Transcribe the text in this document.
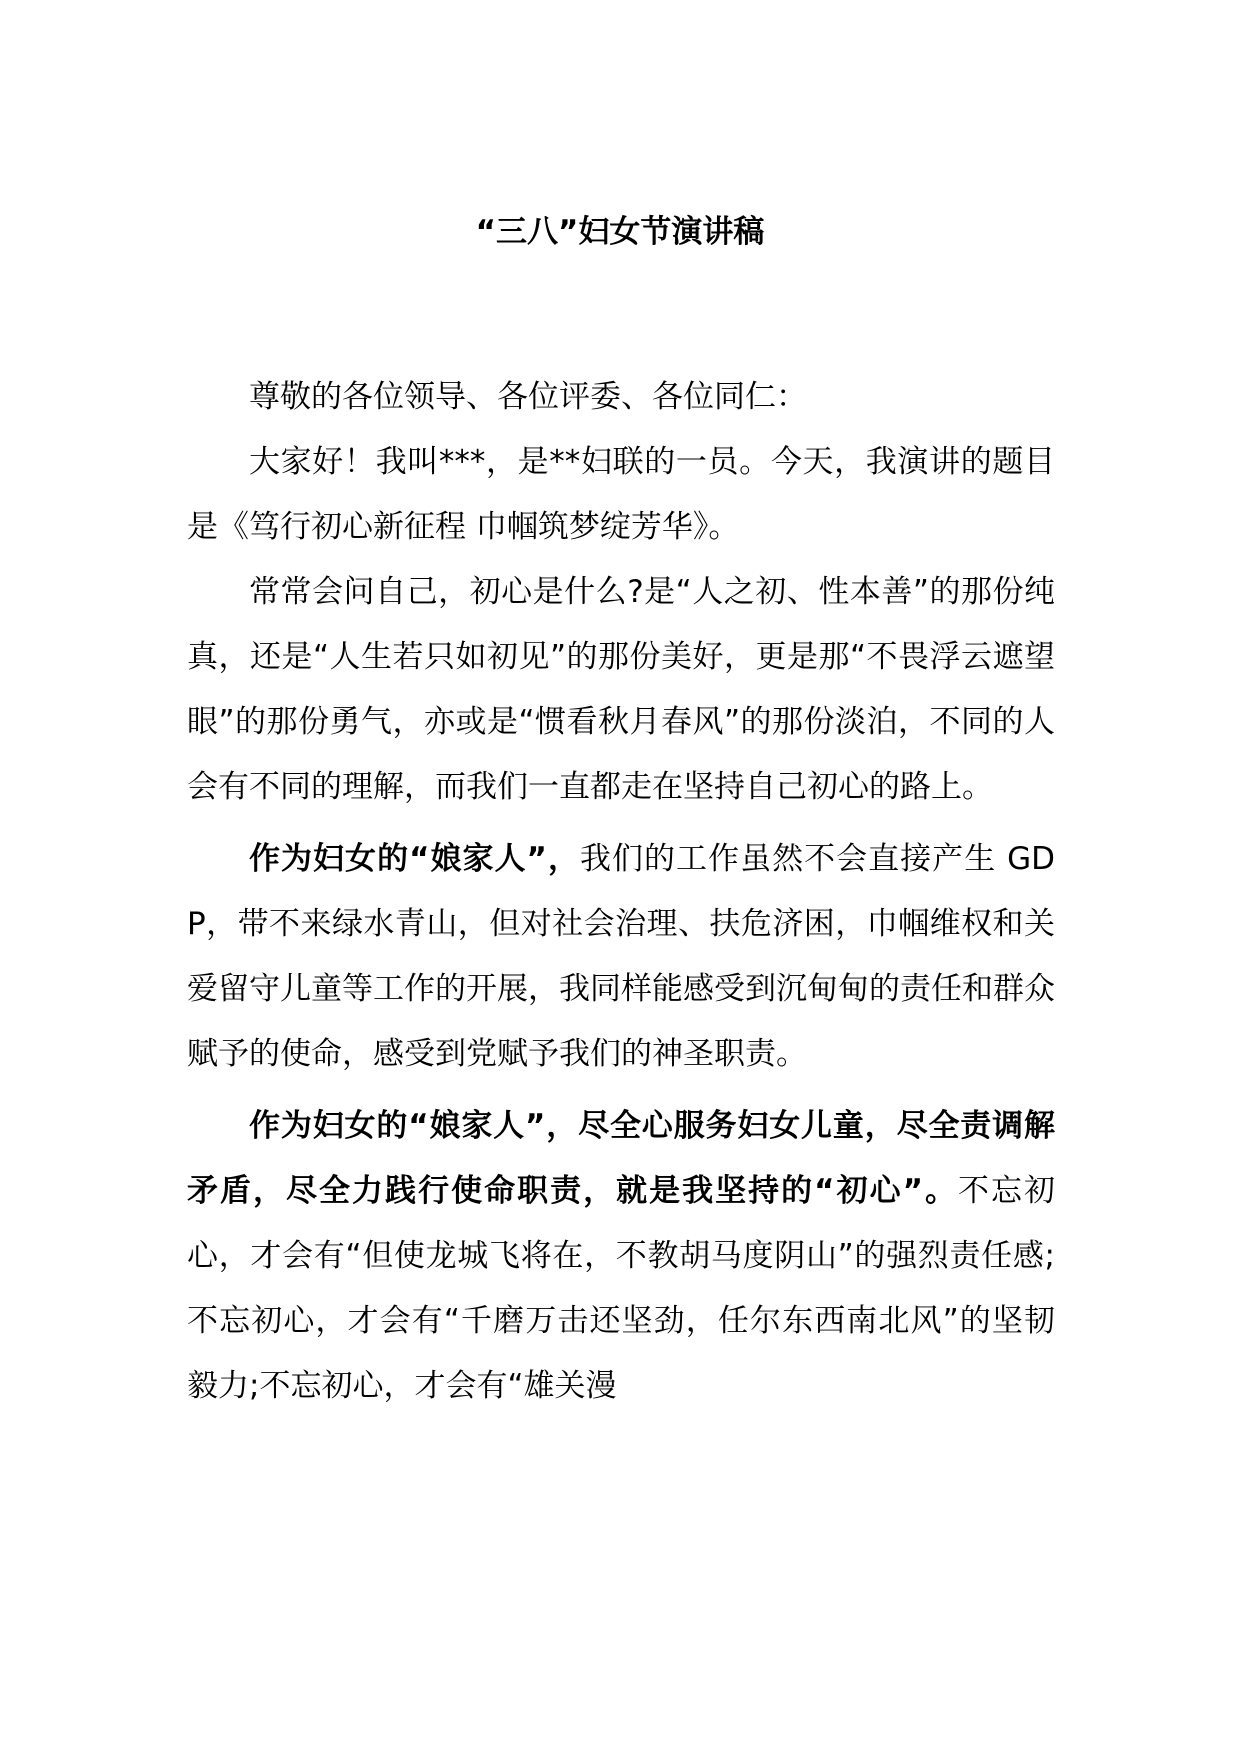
“三八”妇女节演讲稿

尊敬的各位领导、各位评委、各位同仁：

大家好！我叫***，是**妇联的一员。今天，我演讲的题目是《笃行初心新征程 巾帼筑梦绽芳华》。

常常会问自己，初心是什么?是“人之初、性本善”的那份纯真，还是“人生若只如初见”的那份美好，更是那“不畏浮云遮望眼”的那份勇气，亦或是“惯看秋月春风”的那份淡泊，不同的人会有不同的理解，而我们一直都走在坚持自己初心的路上。

作为妇女的“娘家人”，我们的工作虽然不会直接产生 GDP，带不来绿水青山，但对社会治理、扶危济困，巾帼维权和关爱留守儿童等工作的开展，我同样能感受到沉甸甸的责任和群众赋予的使命，感受到党赋予我们的神圣职责。

作为妇女的“娘家人”，尽全心服务妇女儿童，尽全责调解矛盾，尽全力践行使命职责，就是我坚持的“初心”。不忘初心，才会有“但使龙城飞将在，不教胡马度阴山”的强烈责任感;不忘初心，才会有“千磨万击还坚劲，任尔东西南北风”的坚韧毅力;不忘初心，才会有“雄关漫
